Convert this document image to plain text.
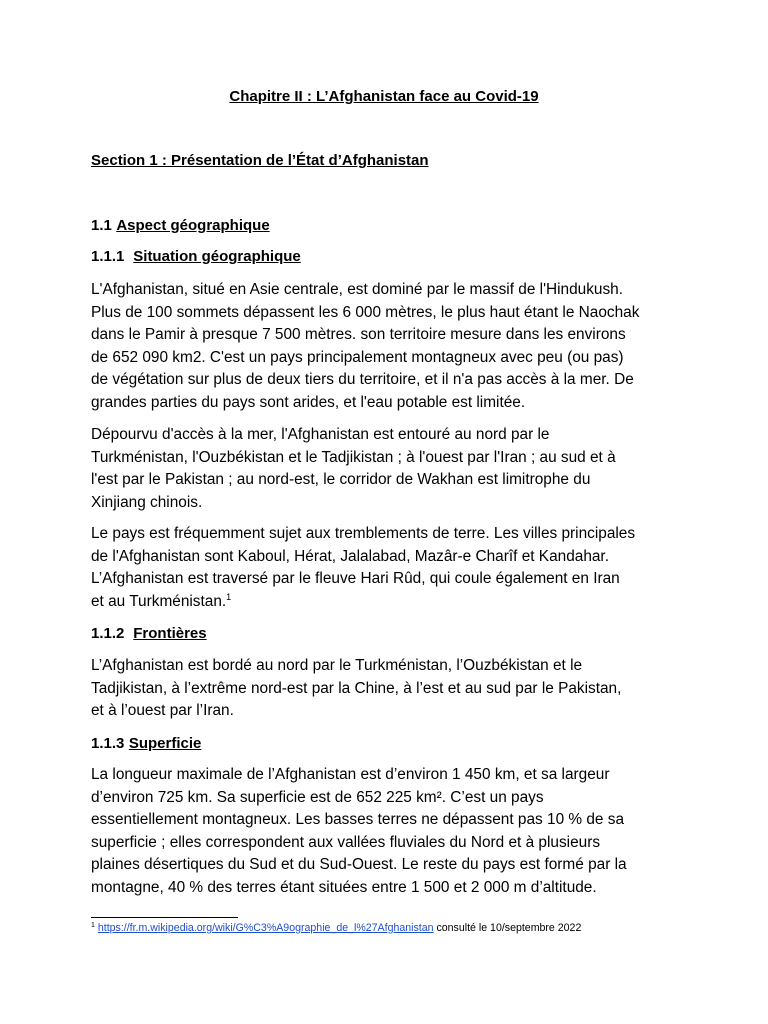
Chapitre II : L’Afghanistan face au Covid-19
Section 1 : Présentation de l’État d’Afghanistan
1.1 Aspect géographique
1.1.1 Situation géographique

L'Afghanistan, situé en Asie centrale, est dominé par le massif de l'Hindukush.
Plus de 100 sommets dépassent les 6 000 mètres, le plus haut étant le Naochak
dans le Pamir à presque 7 500 mètres. son territoire mesure dans les environs
de 652 090 km2. C'est un pays principalement montagneux avec peu (ou pas)
de végétation sur plus de deux tiers du territoire, et il n'a pas accès à la mer. De
grandes parties du pays sont arides, et l'eau potable est limitée.

Dépourvu d'accès à la mer, l'Afghanistan est entouré au nord par le
Turkménistan, l'Ouzbékistan et le Tadjikistan ; à l'ouest par l'Iran ; au sud et à
l'est par le Pakistan ; au nord-est, le corridor de Wakhan est limitrophe du
Xinjiang chinois.

Le pays est fréquemment sujet aux tremblements de terre. Les villes principales
de l'Afghanistan sont Kaboul, Hérat, Jalalabad, Mazâr-e Charîf et Kandahar.
L’Afghanistan est traversé par le fleuve Hari Rûd, qui coule également en Iran
et au Turkménistan.$^1$

1.1.2 Frontières

L’Afghanistan est bordé au nord par le Turkménistan, l’Ouzbékistan et le
Tadjikistan, à l’extrême nord-est par la Chine, à l’est et au sud par le Pakistan,
et à l’ouest par l’Iran.

1.1.3 Superficie

La longueur maximale de l’Afghanistan est d’environ 1 450 km, et sa largeur
d’environ 725 km. Sa superficie est de 652 225 km². C’est un pays
essentiellement montagneux. Les basses terres ne dépassent pas 10 % de sa
superficie ; elles correspondent aux vallées fluviales du Nord et à plusieurs
plaines désertiques du Sud et du Sud-Ouest. Le reste du pays est formé par la
montagne, 40 % des terres étant situées entre 1 500 et 2 000 m d’altitude.

$^1$ https://fr.m.wikipedia.org/wiki/G%C3%A9ographie_de_l%27Afghanistan consulté le 10/septembre 2022
